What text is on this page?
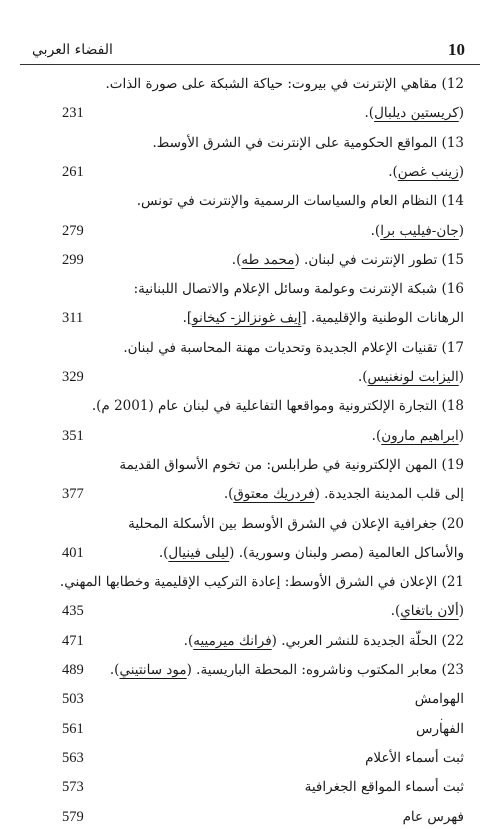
10
الفضاء العربي
12) مقاهي الإنترنت في بيروت: حياكة الشبكة على صورة الذات.
(كريستين ديلبال).
231
13) المواقع الحكومية على الإنترنت في الشرق الأوسط.
(زينب غصن).
261
14) النظام العام والسياسات الرسمية والإنترنت في تونس.
(جان-فيليب برا).
279
15) تطور الإنترنت في لبنان. (محمد طه).
299
16) شبكة الإنترنت وعولمة وسائل الإعلام والاتصال اللبنانية:
الرهانات الوطنية والإقليمية. [إيف غونزالز- كيخانو].
311
17) تقنيات الإعلام الجديدة وتحديات مهنة المحاسبة في لبنان.
(اليزابت لونغنيس).
329
18) التجارة الإلكترونية ومواقعها التفاعلية في لبنان عام (2001 م).
(ابراهيم مارون).
351
19) المهن الإلكترونية في طرابلس: من تخوم الأسواق القديمة
إلى قلب المدينة الجديدة. (فردريك معتوق).
377
20) جغرافية الإعلان في الشرق الأوسط بين الأسكلة المحلية
والأساكل العالمية (مصر ولبنان وسورية). (ليلى فينيال).
401
21) الإعلان في الشرق الأوسط: إعادة التركيب الإقليمية وخطابها المهني.
(ألان باتغاي).
435
22) الحلّة الجديدة للنشر العربي. (فرانك ميرمييه).
471
23) معابر المكتوب وناشروه: المحطة الباريسية. (مود سانتيني).
489
الهوامش
503
الفهارس
561
ثبت أسماء الأعلام
563
ثبت أسماء المواقع الجغرافية
573
فهرس عام
579
.
